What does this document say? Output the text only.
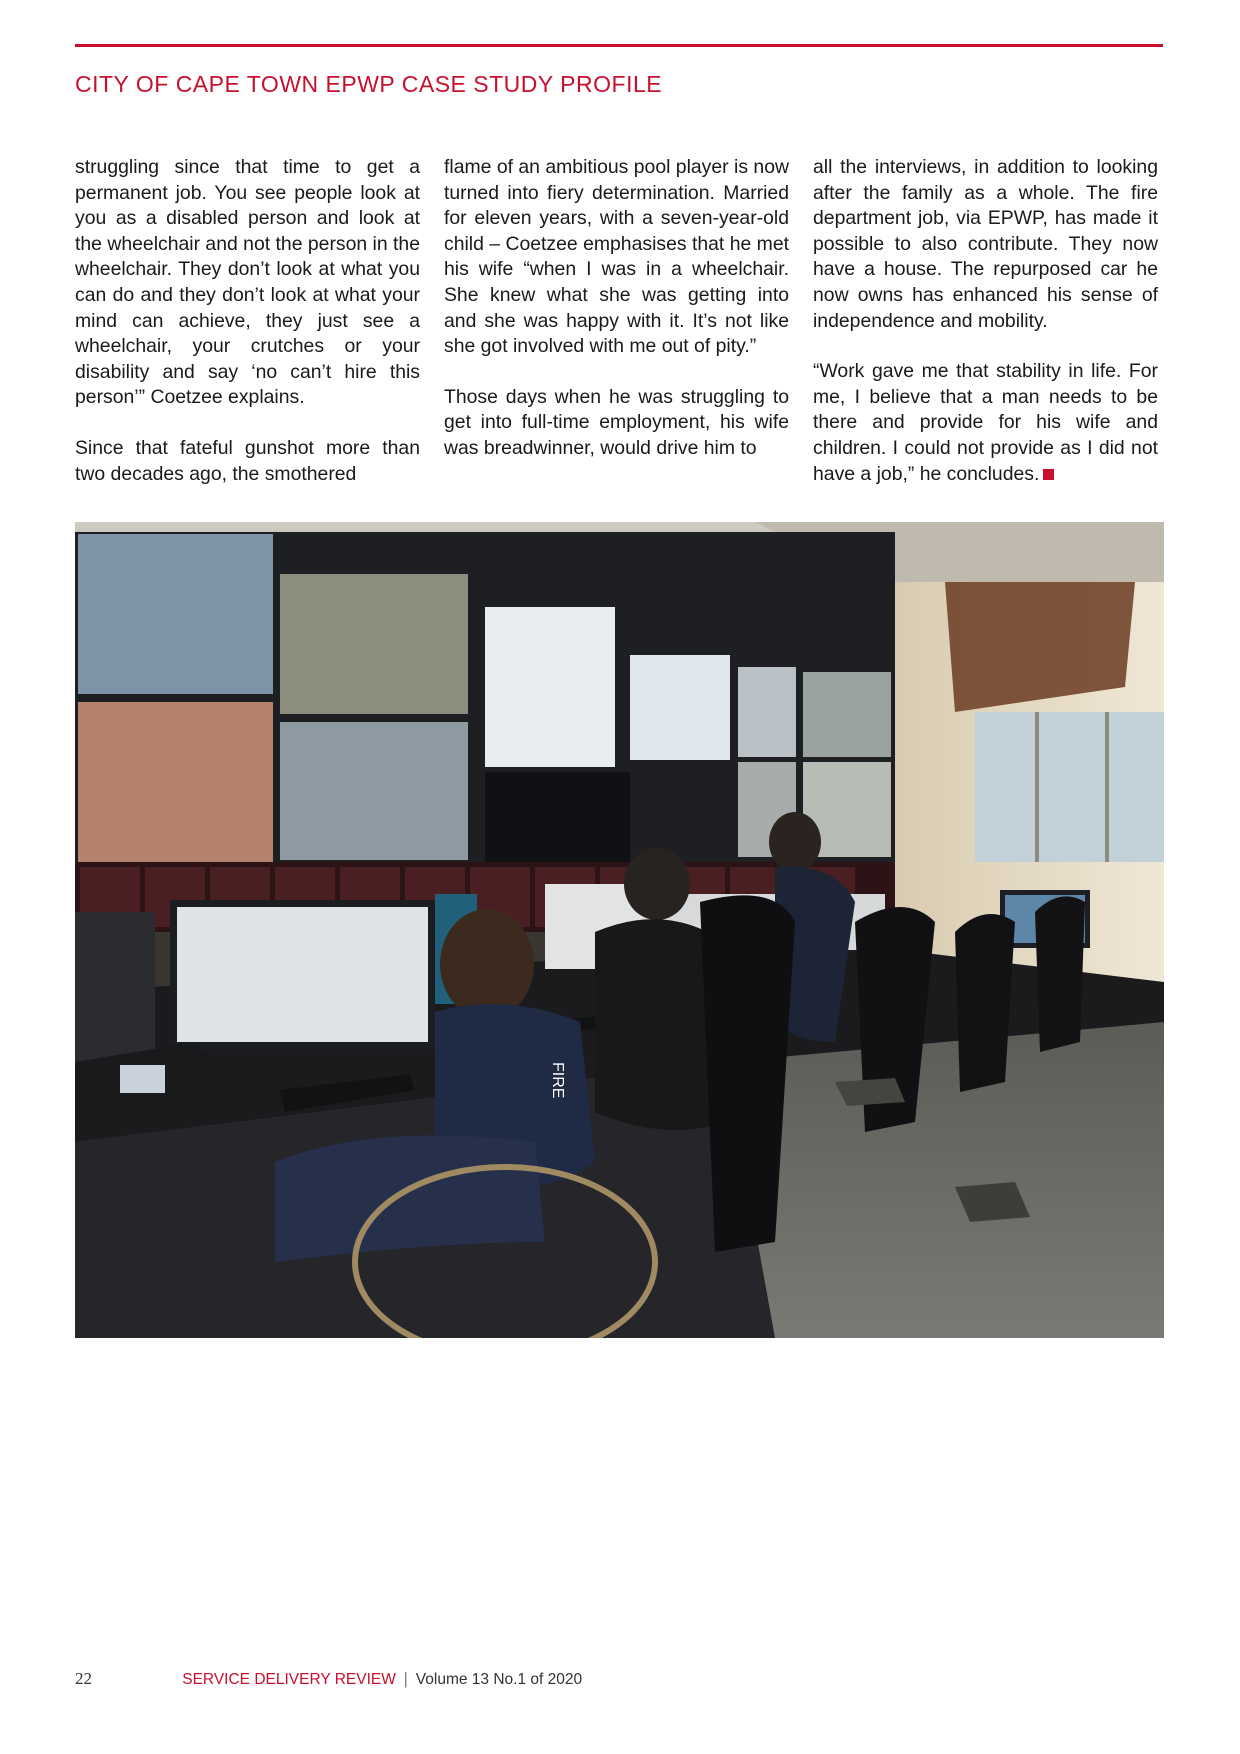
CITY OF CAPE TOWN EPWP CASE STUDY PROFILE

struggling since that time to get a permanent job. You see people look at you as a disabled person and look at the wheelchair and not the person in the wheelchair. They don’t look at what you can do and they don’t look at what your mind can achieve, they just see a wheelchair, your crutches or your disability and say ‘no can’t hire this person’” Coetzee explains.

Since that fateful gunshot more than two decades ago, the smothered

flame of an ambitious pool player is now turned into fiery determination. Married for eleven years, with a seven-year-old child – Coetzee emphasises that he met his wife “when I was in a wheelchair. She knew what she was getting into and she was happy with it. It’s not like she got involved with me out of pity.”

Those days when he was struggling to get into full-time employment, his wife was breadwinner, would drive him to

all the interviews, in addition to looking after the family as a whole. The fire department job, via EPWP, has made it possible to also contribute. They now have a house. The repurposed car he now owns has enhanced his sense of independence and mobility.

“Work gave me that stability in life. For me, I believe that a man needs to be there and provide for his wife and children. I could not provide as I did not have a job,” he concludes.

FIRE
22	SERVICE DELIVERY REVIEW | Volume 13 No.1 of 2020
